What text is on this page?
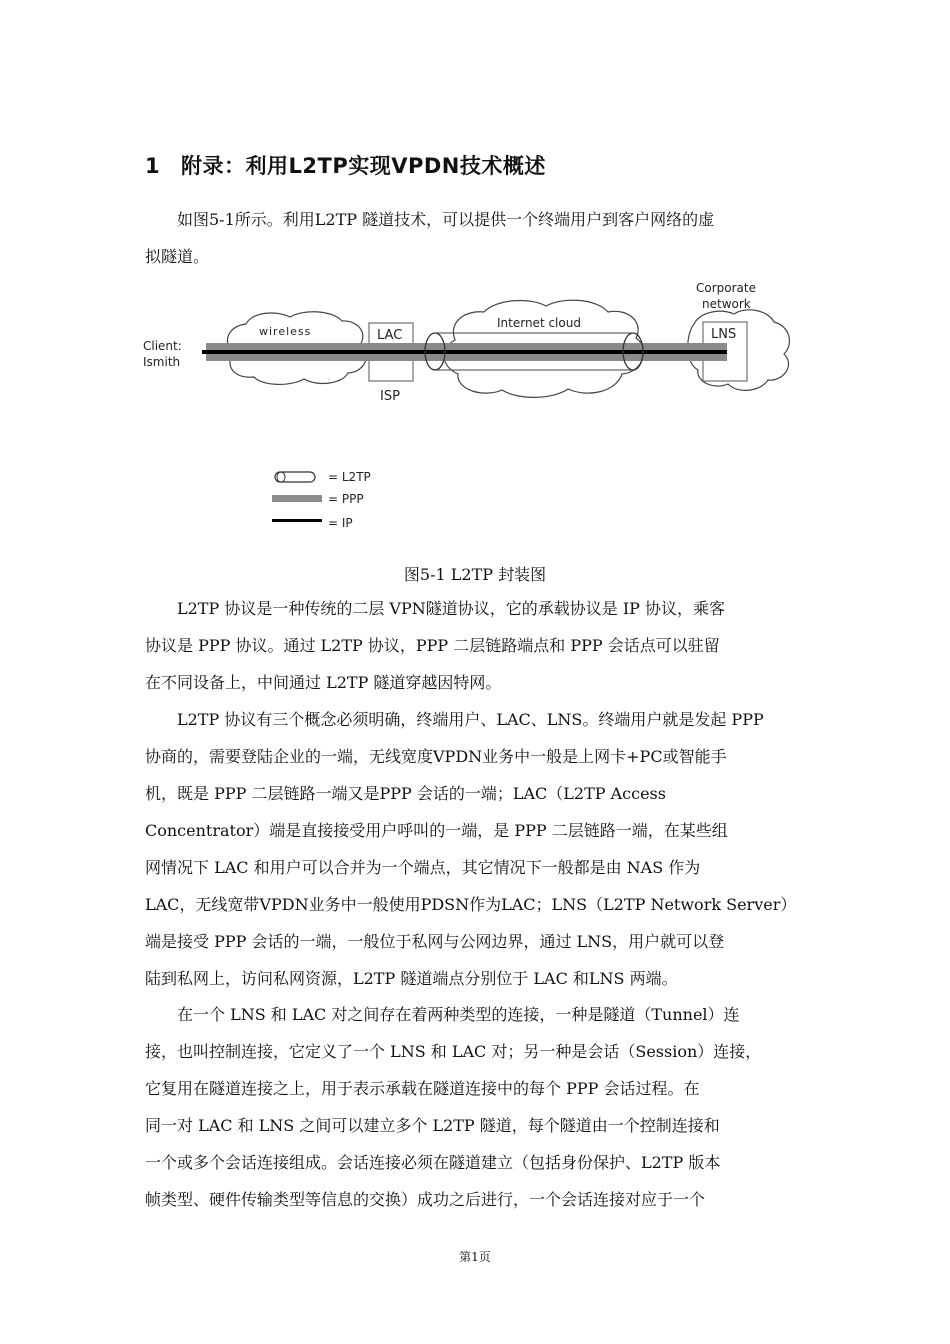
1 附录：利用L2TP实现VPDN技术概述
如图5-1所示。利用L2TP 隧道技术，可以提供一个终端用户到客户网络的虚
拟隧道。
Client:
Ismith
wireless	LAC
ISP
Internet cloud
Corporate
network
LNS
= L2TP
= PPP
= IP
图5-1 L2TP 封装图
L2TP 协议是一种传统的二层 VPN隧道协议，它的承载协议是 IP 协议，乘客
协议是 PPP 协议。通过 L2TP 协议，PPP 二层链路端点和 PPP 会话点可以驻留
在不同设备上，中间通过 L2TP 隧道穿越因特网。
L2TP 协议有三个概念必须明确，终端用户、LAC、LNS。终端用户就是发起 PPP
协商的，需要登陆企业的一端，无线宽度VPDN业务中一般是上网卡+PC或智能手
机，既是 PPP 二层链路一端又是PPP 会话的一端；LAC（L2TP Access
Concentrator）端是直接接受用户呼叫的一端，是 PPP 二层链路一端，在某些组
网情况下 LAC 和用户可以合并为一个端点，其它情况下一般都是由 NAS 作为
LAC，无线宽带VPDN业务中一般使用PDSN作为LAC；LNS（L2TP Network Server）
端是接受 PPP 会话的一端，一般位于私网与公网边界，通过 LNS，用户就可以登
陆到私网上，访问私网资源，L2TP 隧道端点分别位于 LAC 和LNS 两端。
在一个 LNS 和 LAC 对之间存在着两种类型的连接，一种是隧道（Tunnel）连
接，也叫控制连接，它定义了一个 LNS 和 LAC 对；另一种是会话（Session）连接，
它复用在隧道连接之上，用于表示承载在隧道连接中的每个 PPP 会话过程。在
同一对 LAC 和 LNS 之间可以建立多个 L2TP 隧道，每个隧道由一个控制连接和
一个或多个会话连接组成。会话连接必须在隧道建立（包括身份保护、L2TP 版本
帧类型、硬件传输类型等信息的交换）成功之后进行，一个会话连接对应于一个
第1页
